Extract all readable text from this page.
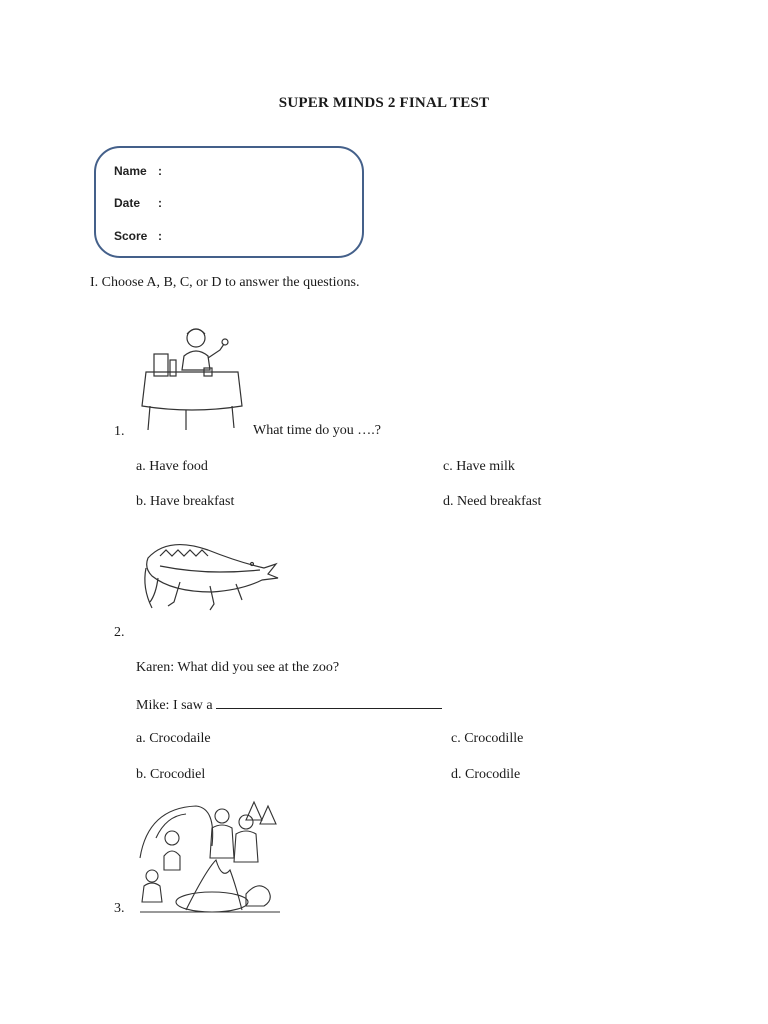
SUPER MINDS 2 FINAL TEST
Name :
Date :
Score :
I. Choose A, B, C, or D to answer the questions.
1.	What time do you ….?
a. Have food
b. Have breakfast
c. Have milk
d. Need breakfast
2.
Karen: What did you see at the zoo?
Mike: I saw a
a. Crocodaile
b. Crocodiel
c. Crocodille
d. Crocodile
3.
